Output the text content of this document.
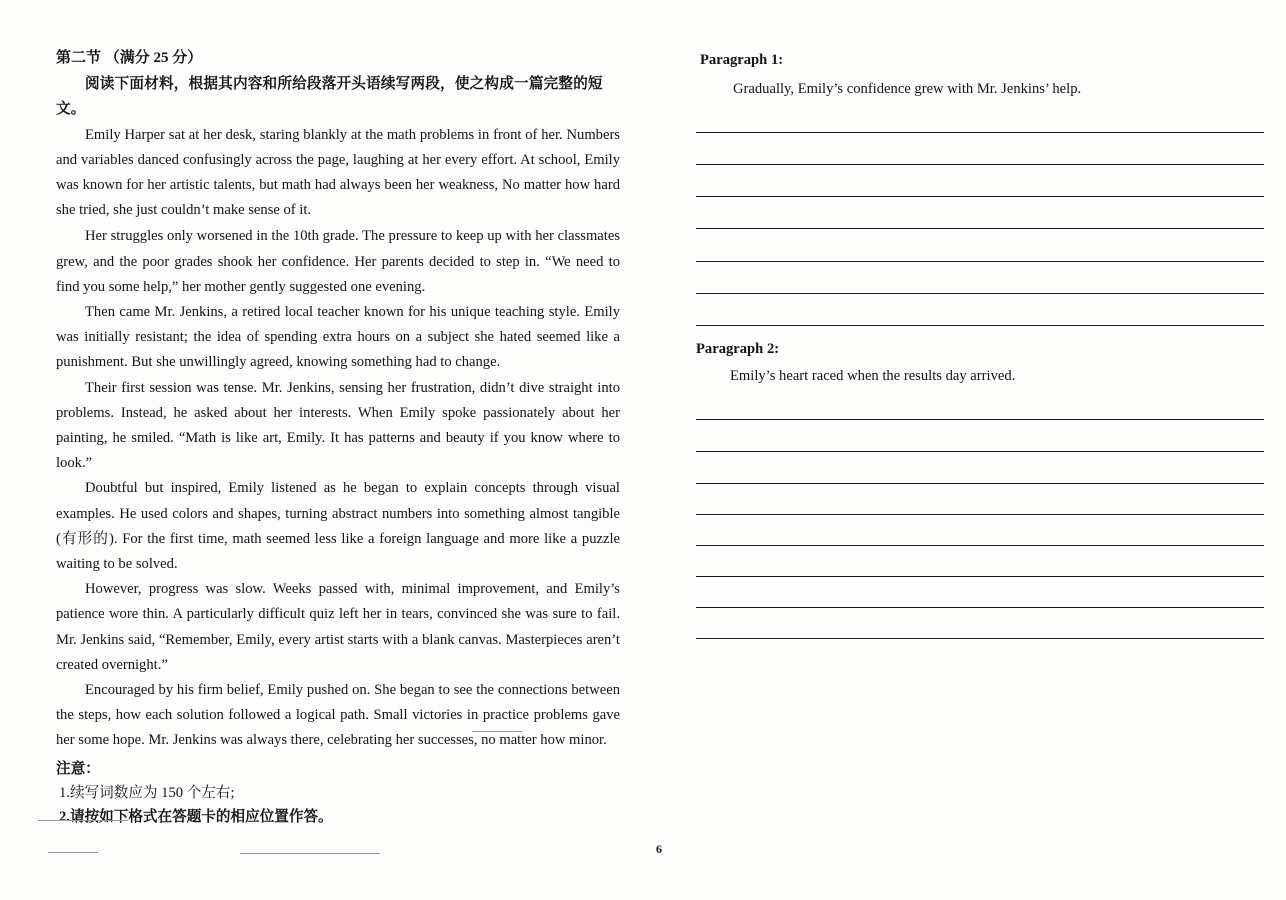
第二节 （满分 25 分）
阅读下面材料，根据其内容和所给段落开头语续写两段，使之构成一篇完整的短文。

Emily Harper sat at her desk, staring blankly at the math problems in front of her. Numbers and variables danced confusingly across the page, laughing at her every effort. At school, Emily was known for her artistic talents, but math had always been her weakness, No matter how hard she tried, she just couldn’t make sense of it.

Her struggles only worsened in the 10th grade. The pressure to keep up with her classmates grew, and the poor grades shook her confidence. Her parents decided to step in. “We need to find you some help,” her mother gently suggested one evening.

Then came Mr. Jenkins, a retired local teacher known for his unique teaching style. Emily was initially resistant; the idea of spending extra hours on a subject she hated seemed like a punishment. But she unwillingly agreed, knowing something had to change.

Their first session was tense. Mr. Jenkins, sensing her frustration, didn’t dive straight into problems. Instead, he asked about her interests. When Emily spoke passionately about her painting, he smiled. “Math is like art, Emily. It has patterns and beauty if you know where to look.”

Doubtful but inspired, Emily listened as he began to explain concepts through visual examples. He used colors and shapes, turning abstract numbers into something almost tangible (有形的). For the first time, math seemed less like a foreign language and more like a puzzle waiting to be solved.

However, progress was slow. Weeks passed with, minimal improvement, and Emily’s patience wore thin. A particularly difficult quiz left her in tears, convinced she was sure to fail. Mr. Jenkins said, “Remember, Emily, every artist starts with a blank canvas. Masterpieces aren’t created overnight.”

Encouraged by his firm belief, Emily pushed on. She began to see the connections between the steps, how each solution followed a logical path. Small victories in practice problems gave her some hope. Mr. Jenkins was always there, celebrating her successes, no matter how minor.

注意：
1.续写词数应为 150 个左右;
2.请按如下格式在答题卡的相应位置作答。
Paragraph 1:
Gradually, Emily’s confidence grew with Mr. Jenkins’ help.
Paragraph 2:
Emily’s heart raced when the results day arrived.
6
